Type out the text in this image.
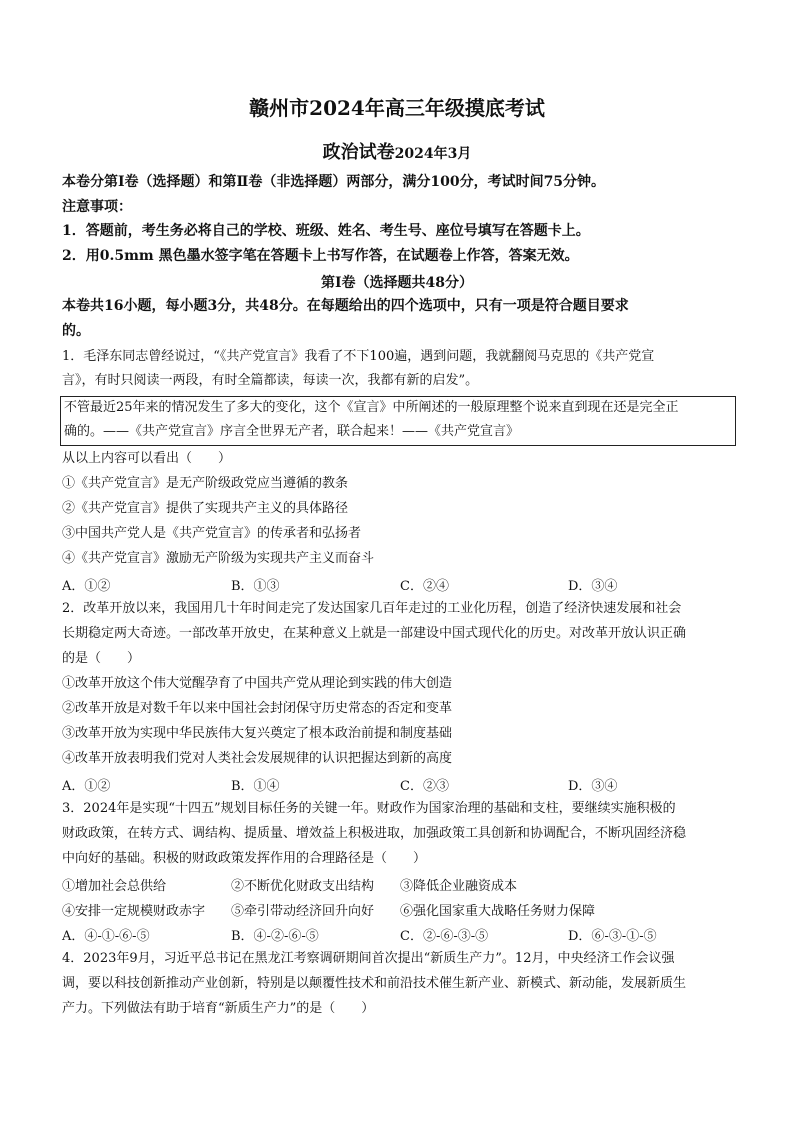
赣州市2024年高三年级摸底考试
政治试卷2024年3月
本卷分第Ⅰ卷（选择题）和第Ⅱ卷（非选择题）两部分，满分100分，考试时间75分钟。
注意事项：
1．答题前，考生务必将自己的学校、班级、姓名、考生号、座位号填写在答题卡上。
2．用0.5mm 黑色墨水签字笔在答题卡上书写作答，在试题卷上作答，答案无效。
第Ⅰ卷（选择题共48分）
本卷共16小题，每小题3分，共48分。在每题给出的四个选项中，只有一项是符合题目要求
的。
1．毛泽东同志曾经说过，“《共产党宣言》我看了不下100遍，遇到问题，我就翻阅马克思的《共产党宣
言》，有时只阅读一两段，有时全篇都读，每读一次，我都有新的启发”。
不管最近25年来的情况发生了多大的变化，这个《宣言》中所阐述的一般原理整个说来直到现在还是完全正
确的。——《共产党宣言》序言全世界无产者，联合起来！——《共产党宣言》
从以上内容可以看出（　　）
①《共产党宣言》是无产阶级政党应当遵循的教条
②《共产党宣言》提供了实现共产主义的具体路径
③中国共产党人是《共产党宣言》的传承者和弘扬者
④《共产党宣言》激励无产阶级为实现共产主义而奋斗
A．①②	B．①③	C．②④	D．③④
2．改革开放以来，我国用几十年时间走完了发达国家几百年走过的工业化历程，创造了经济快速发展和社会
长期稳定两大奇迹。一部改革开放史，在某种意义上就是一部建设中国式现代化的历史。对改革开放认识正确
的是（　　）
①改革开放这个伟大觉醒孕育了中国共产党从理论到实践的伟大创造
②改革开放是对数千年以来中国社会封闭保守历史常态的否定和变革
③改革开放为实现中华民族伟大复兴奠定了根本政治前提和制度基础
④改革开放表明我们党对人类社会发展规律的认识把握达到新的高度
A．①②	B．①④	C．②③	D．③④
3．2024年是实现“十四五”规划目标任务的关键一年。财政作为国家治理的基础和支柱，要继续实施积极的
财政政策，在转方式、调结构、提质量、增效益上积极进取，加强政策工具创新和协调配合，不断巩固经济稳
中向好的基础。积极的财政政策发挥作用的合理路径是（　　）
①增加社会总供给	②不断优化财政支出结构 ③降低企业融资成本
④安排一定规模财政赤字 ⑤牵引带动经济回升向好 ⑥强化国家重大战略任务财力保障
A．④-①-⑥-⑤	B．④-②-⑥-⑤	C．②-⑥-③-⑤	D．⑥-③-①-⑤
4．2023年9月，习近平总书记在黑龙江考察调研期间首次提出“新质生产力”。12月，中央经济工作会议强
调，要以科技创新推动产业创新，特别是以颠覆性技术和前沿技术催生新产业、新模式、新动能，发展新质生
产力。下列做法有助于培育“新质生产力”的是（　　）
